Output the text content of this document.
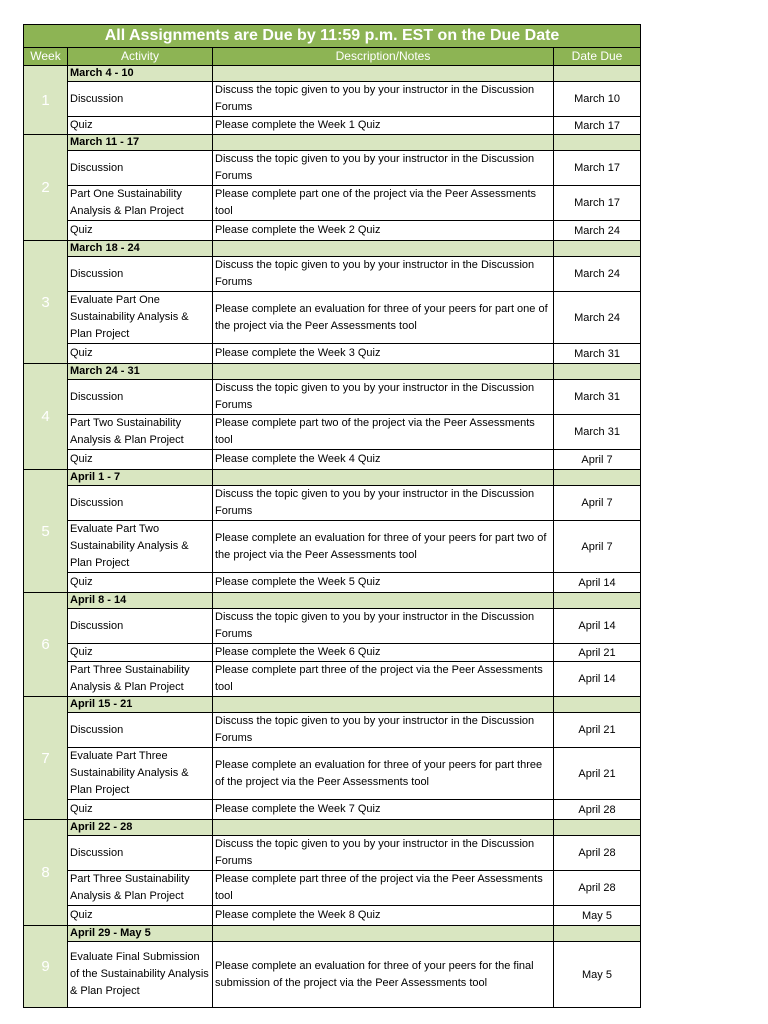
All Assignments are Due by 11:59 p.m. EST on the Due Date			
Week	Activity	Description/Notes	Date Due
1	March 4 - 10		
	Discussion	Discuss the topic given to you by your instructor in the Discussion Forums	March 10
	Quiz	Please complete the Week 1 Quiz	March 17
2	March 11 - 17		
	Discussion	Discuss the topic given to you by your instructor in the Discussion Forums	March 17
	Part One Sustainability Analysis & Plan Project	Please complete part one of the project via the Peer Assessments tool	March 17
	Quiz	Please complete the Week 2 Quiz	March 24
3	March 18 - 24		
	Discussion	Discuss the topic given to you by your instructor in the Discussion Forums	March 24
	Evaluate Part One Sustainability Analysis & Plan Project	Please complete an evaluation for three of your peers for part one of the project via the Peer Assessments tool	March 24
	Quiz	Please complete the Week 3 Quiz	March 31
4	March 24 - 31		
	Discussion	Discuss the topic given to you by your instructor in the Discussion Forums	March 31
	Part Two Sustainability Analysis & Plan Project	Please complete part two of the project via the Peer Assessments tool	March 31
	Quiz	Please complete the Week 4 Quiz	April 7
5	April 1 - 7		
	Discussion	Discuss the topic given to you by your instructor in the Discussion Forums	April 7
	Evaluate Part Two Sustainability Analysis & Plan Project	Please complete an evaluation for three of your peers for part two of the project via the Peer Assessments tool	April 7
	Quiz	Please complete the Week 5 Quiz	April 14
6	April 8 - 14		
	Discussion	Discuss the topic given to you by your instructor in the Discussion Forums	April 14
	Quiz	Please complete the Week 6 Quiz	April 21
	Part Three Sustainability Analysis & Plan Project	Please complete part three of the project via the Peer Assessments tool	April 14
7	April 15 - 21		
	Discussion	Discuss the topic given to you by your instructor in the Discussion Forums	April 21
	Evaluate Part Three Sustainability Analysis & Plan Project	Please complete an evaluation for three of your peers for part three of the project via the Peer Assessments tool	April 21
	Quiz	Please complete the Week 7 Quiz	April 28
8	April 22 - 28		
	Discussion	Discuss the topic given to you by your instructor in the Discussion Forums	April 28
	Part Three Sustainability Analysis & Plan Project	Please complete part three of the project via the Peer Assessments tool	April 28
	Quiz	Please complete the Week 8 Quiz	May 5
9	April 29 - May 5		
	Evaluate Final Submission of the Sustainability Analysis & Plan Project	Please complete an evaluation for three of your peers for the final submission of the project via the Peer Assessments tool	May 5
